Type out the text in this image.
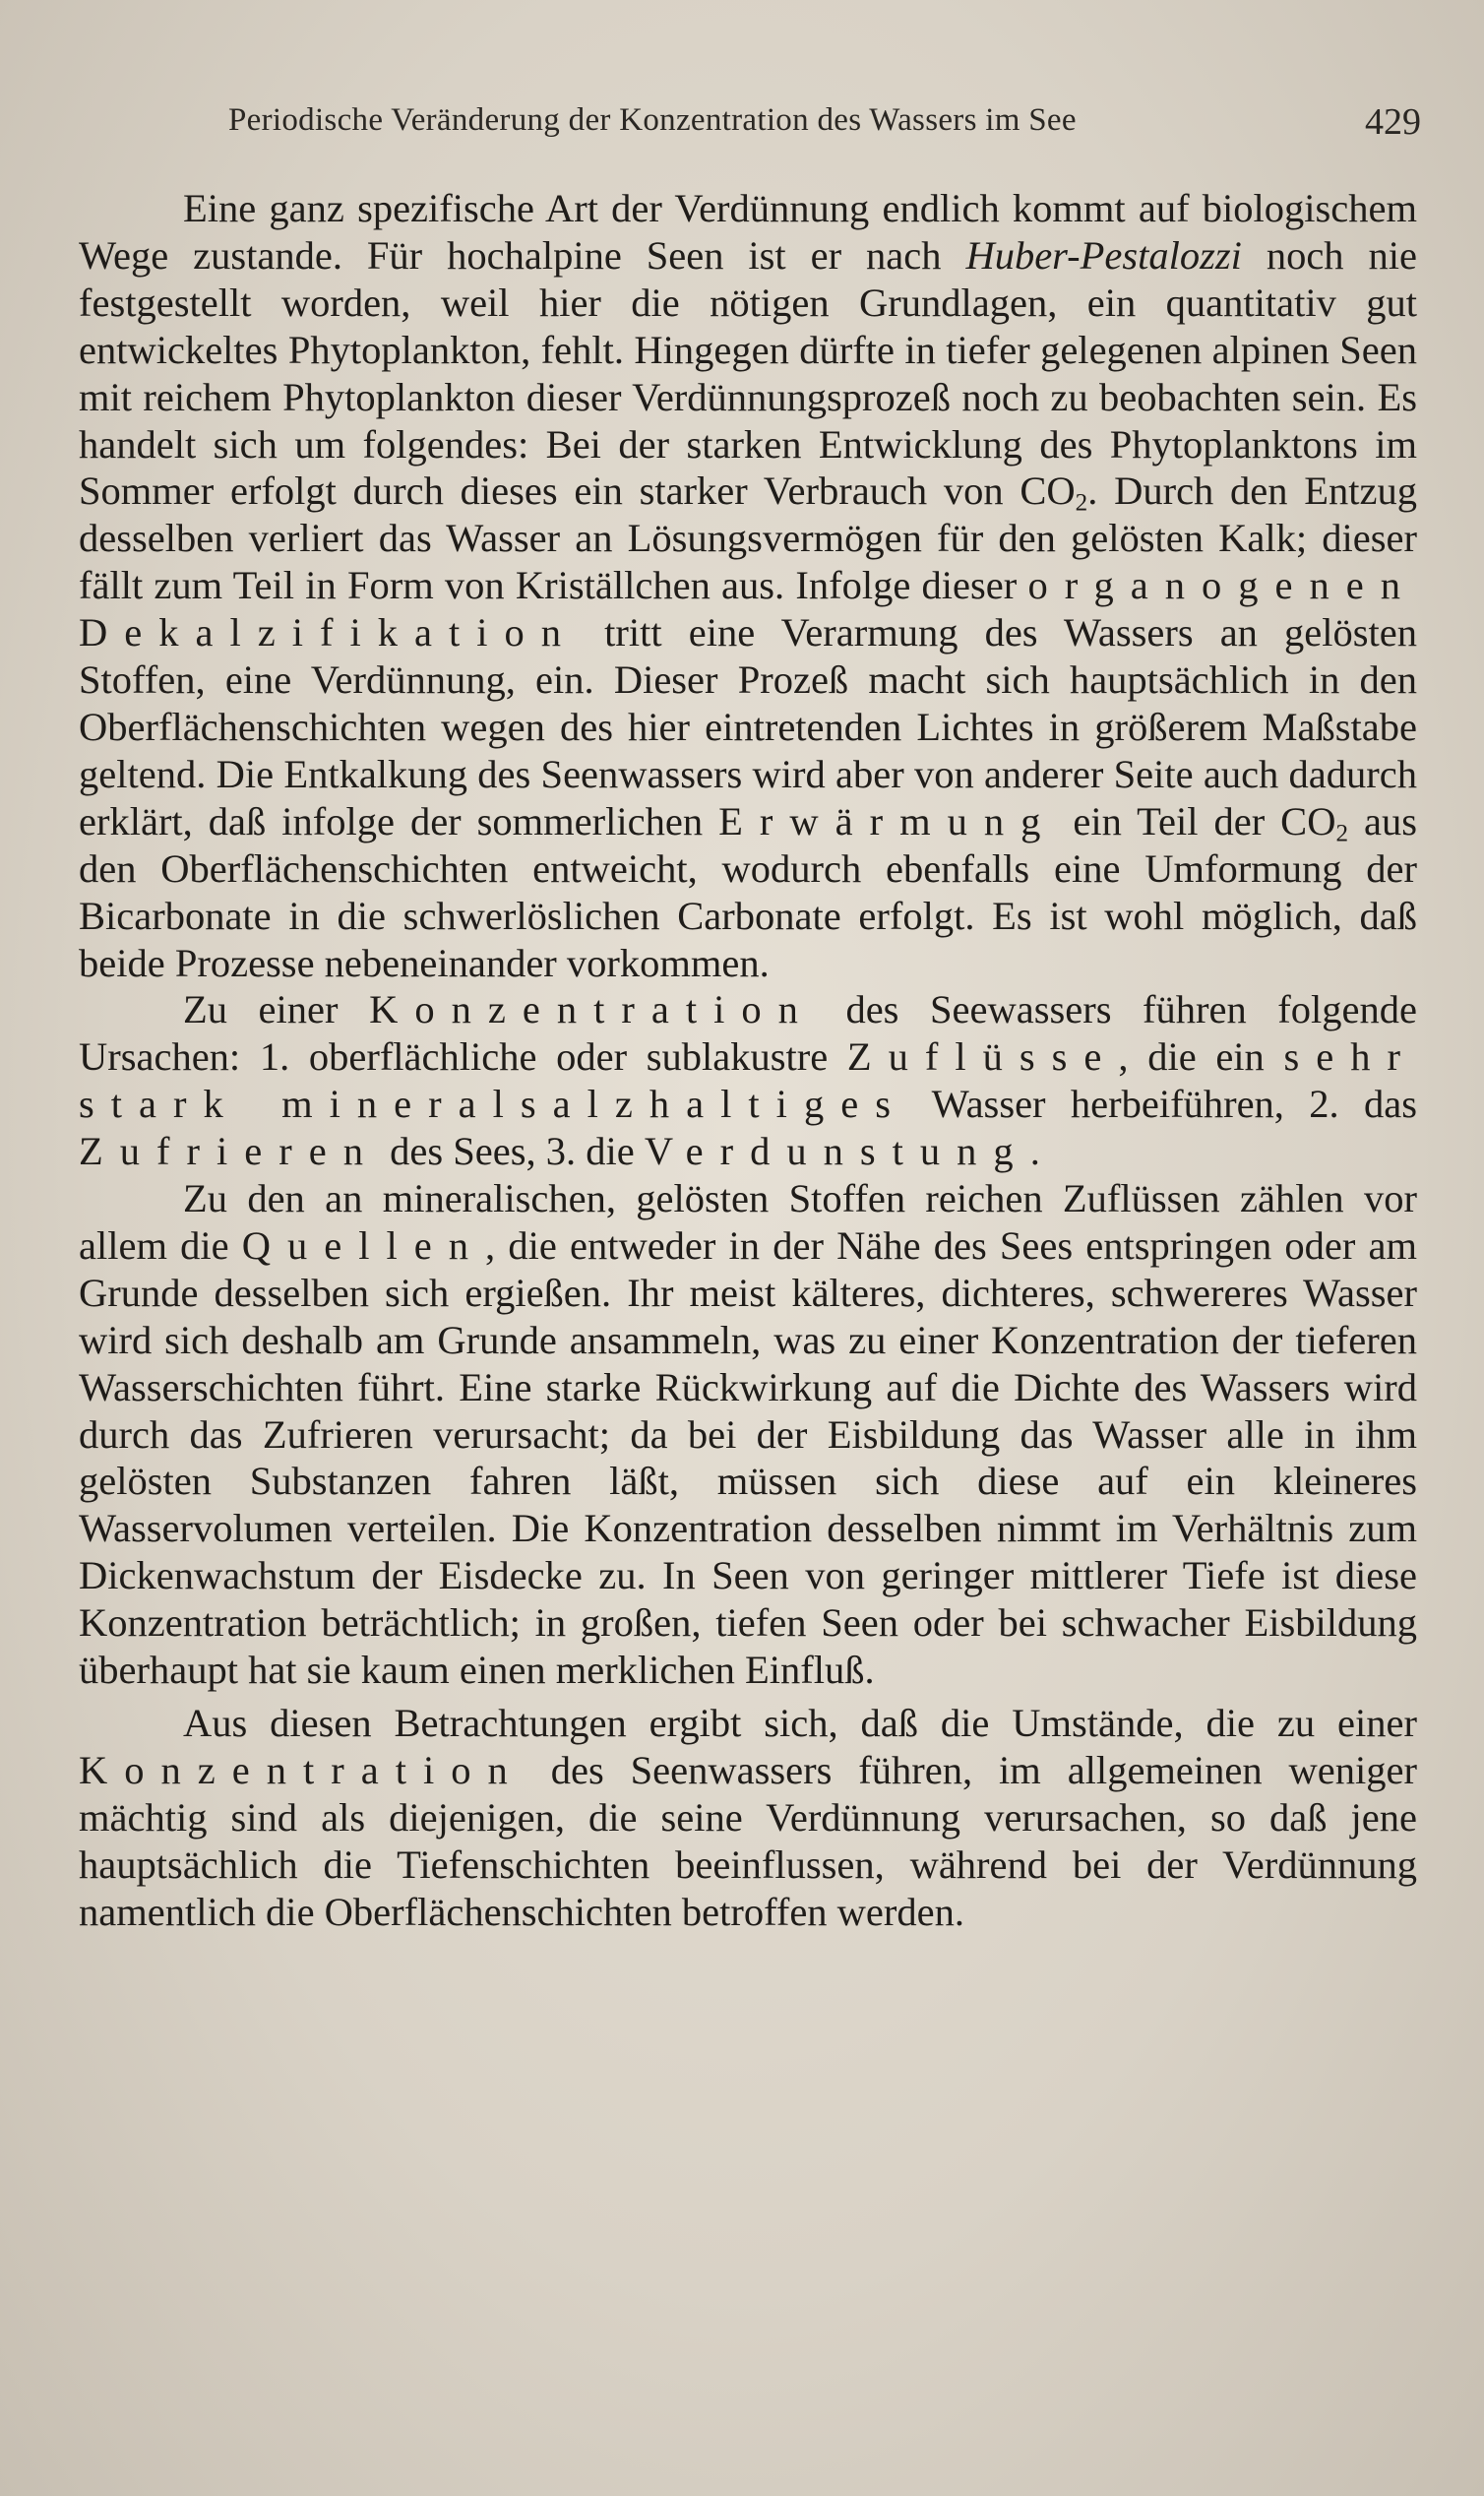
Periodische Veränderung der Konzentration des Wassers im See	429

Eine ganz spezifische Art der Verdünnung endlich kommt auf biologischem Wege zustande. Für hochalpine Seen ist er nach Huber-Pestalozzi noch nie festgestellt worden, weil hier die nötigen Grundlagen, ein quantitativ gut entwickeltes Phytoplankton, fehlt. Hingegen dürfte in tiefer gelegenen alpinen Seen mit reichem Phytoplankton dieser Verdünnungsprozeß noch zu beobachten sein. Es handelt sich um folgendes: Bei der starken Entwicklung des Phytoplanktons im Sommer erfolgt durch dieses ein starker Verbrauch von $CO_2$. Durch den Entzug desselben verliert das Wasser an Lösungsvermögen für den gelösten Kalk; dieser fällt zum Teil in Form von Kriställchen aus. Infolge dieser organogenen Dekalzifikation tritt eine Verarmung des Wassers an gelösten Stoffen, eine Verdünnung, ein. Dieser Prozeß macht sich hauptsächlich in den Oberflächenschichten wegen des hier eintretenden Lichtes in größerem Maßstabe geltend. Die Entkalkung des Seenwassers wird aber von anderer Seite auch dadurch erklärt, daß infolge der sommerlichen Erwärmung ein Teil der $CO_2$ aus den Oberflächenschichten entweicht, wodurch ebenfalls eine Umformung der Bicarbonate in die schwerlöslichen Carbonate erfolgt. Es ist wohl möglich, daß beide Prozesse nebeneinander vorkommen.

Zu einer Konzentration des Seewassers führen folgende Ursachen: 1. oberflächliche oder sublakustre Zuflüsse, die ein sehr stark mineralsalzhaltiges Wasser herbeiführen, 2. das Zufrieren des Sees, 3. die Verdunstung.

Zu den an mineralischen, gelösten Stoffen reichen Zuflüssen zählen vor allem die Quellen, die entweder in der Nähe des Sees entspringen oder am Grunde desselben sich ergießen. Ihr meist kälteres, dichteres, schwereres Wasser wird sich deshalb am Grunde ansammeln, was zu einer Konzentration der tieferen Wasserschichten führt. Eine starke Rückwirkung auf die Dichte des Wassers wird durch das Zufrieren verursacht; da bei der Eisbildung das Wasser alle in ihm gelösten Substanzen fahren läßt, müssen sich diese auf ein kleineres Wasservolumen verteilen. Die Konzentration desselben nimmt im Verhältnis zum Dickenwachstum der Eisdecke zu. In Seen von geringer mittlerer Tiefe ist diese Konzentration beträchtlich; in großen, tiefen Seen oder bei schwacher Eisbildung überhaupt hat sie kaum einen merklichen Einfluß.

Aus diesen Betrachtungen ergibt sich, daß die Umstände, die zu einer Konzentration des Seenwassers führen, im allgemeinen weniger mächtig sind als diejenigen, die seine Verdünnung verursachen, so daß jene hauptsächlich die Tiefenschichten beeinflussen, während bei der Verdünnung namentlich die Oberflächenschichten betroffen werden.
